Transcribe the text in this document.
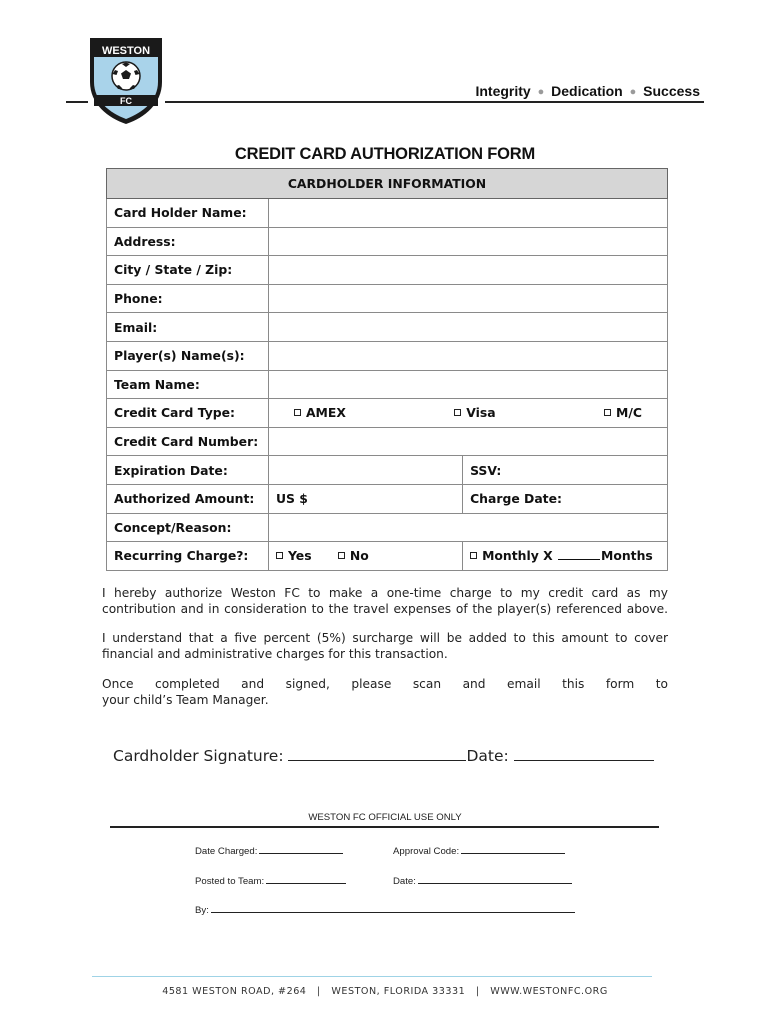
WESTON
FC
Integrity ● Dedication ● Success
CREDIT CARD AUTHORIZATION FORM
CARDHOLDER INFORMATION		
Card Holder Name:		
Address:		
City / State / Zip:		
Phone:		
Email:		
Player(s) Name(s):		
Team Name:		
Credit Card Type:	AMEX Visa M/C	

Credit Card Number:		
Expiration Date:		SSV:
Authorized Amount:	US $	Charge Date:
Concept/Reason:		
Recurring Charge?:	Yes No	Monthly X Months
I hereby authorize Weston FC to make a one-time charge to my credit card as my
contribution and in consideration to the travel expenses of the player(s) referenced above.
I understand that a five percent (5%) surcharge will be added to this amount to cover
financial and administrative charges for this transaction.
Once completed and signed, please scan and email this form to
your child’s Team Manager.
Cardholder Signature:	Date:
WESTON FC OFFICIAL USE ONLY
Date Charged:	Approval Code:
Posted to Team:	Date:
By:
4581 WESTON ROAD, #264   |   WESTON, FLORIDA 33331   |   WWW.WESTONFC.ORG
